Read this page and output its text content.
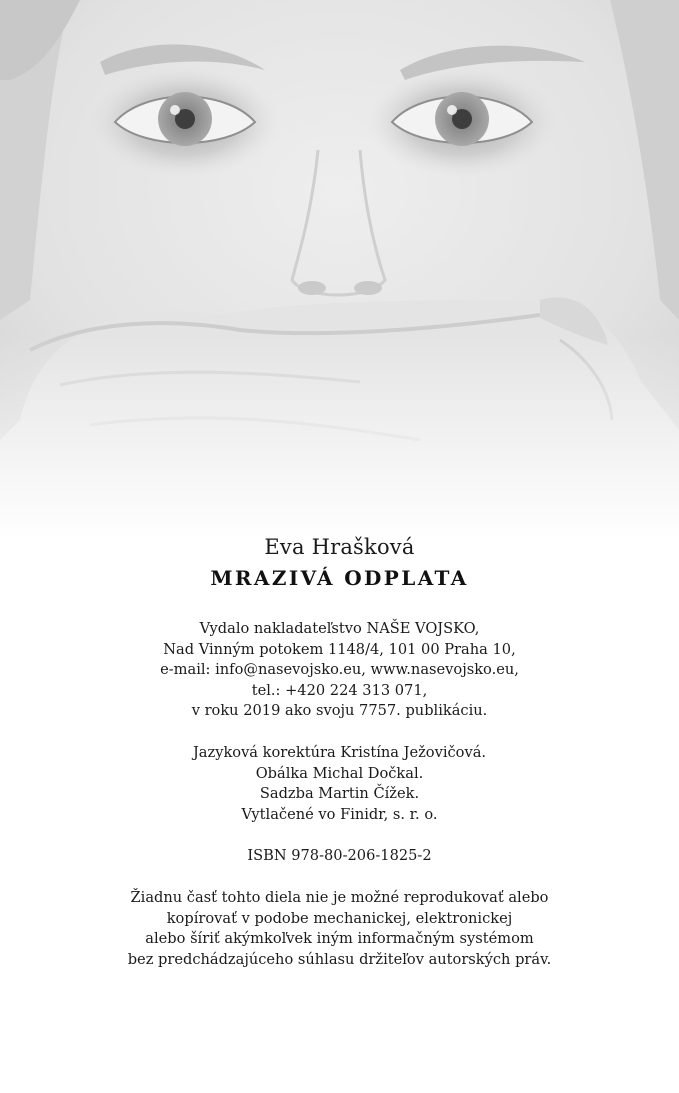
Eva Hrašková
MRAZIVÁ ODPLATA
Vydalo nakladateľstvo NAŠE VOJSKO,
Nad Vinným potokem 1148/4, 101 00 Praha 10,
e-mail: info@nasevojsko.eu, www.nasevojsko.eu,
tel.: +420 224 313 071,
v roku 2019 ako svoju 7757. publikáciu.
Jazyková korektúra Kristína Ježovičová.
Obálka Michal Dočkal.
Sadzba Martin Čížek.
Vytlačené vo Finidr, s. r. o.
ISBN 978-80-206-1825-2
Žiadnu časť tohto diela nie je možné reprodukovať alebo
kopírovať v podobe mechanickej, elektronickej
alebo šíriť akýmkoľvek iným informačným systémom
bez predchádzajúceho súhlasu držiteľov autorských práv.
